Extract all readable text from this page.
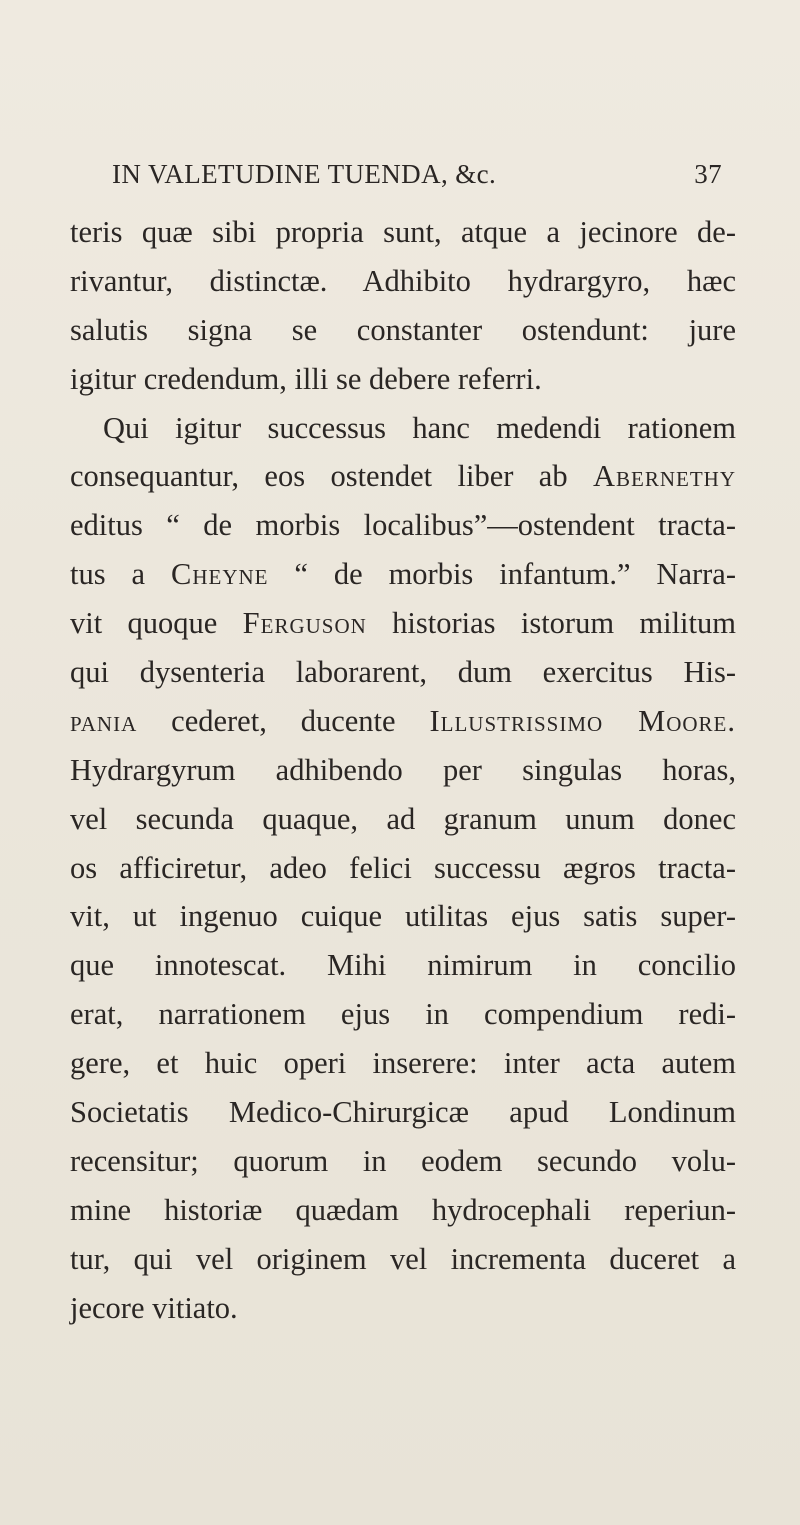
IN VALETUDINE TUENDA, &c.	37
teris quæ sibi propria sunt, atque a jecinore de-
rivantur, distinctæ. Adhibito hydrargyro, hæc
salutis signa se constanter ostendunt: jure
igitur credendum, illi se debere referri.
Qui igitur successus hanc medendi rationem
consequantur, eos ostendet liber ab Abernethy
editus “ de morbis localibus”—ostendent tracta-
tus a Cheyne “ de morbis infantum.” Narra-
vit quoque Ferguson historias istorum militum
qui dysenteria laborarent, dum exercitus His-
pania cederet, ducente Illustrissimo Moore.
Hydrargyrum adhibendo per singulas horas,
vel secunda quaque, ad granum unum donec
os afficiretur, adeo felici successu ægros tracta-
vit, ut ingenuo cuique utilitas ejus satis super-
que innotescat. Mihi nimirum in concilio
erat, narrationem ejus in compendium redi-
gere, et huic operi inserere: inter acta autem
Societatis Medico-Chirurgicæ apud Londinum
recensitur; quorum in eodem secundo volu-
mine historiæ quædam hydrocephali reperiun-
tur, qui vel originem vel incrementa duceret a
jecore vitiato.
